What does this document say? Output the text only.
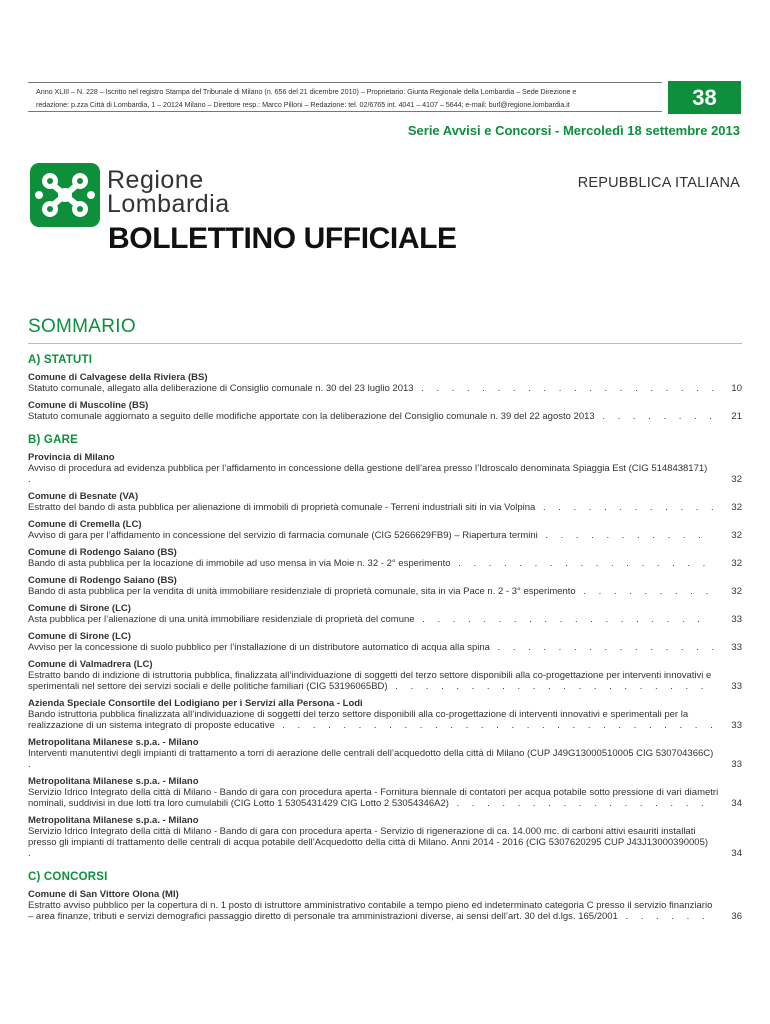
Anno XLIII – N. 228 – Iscritto nel registro Stampa del Tribunale di Milano (n. 656 del 21 dicembre 2010) – Proprietario: Giunta Regionale della Lombardia – Sede Direzione e
redazione: p.zza Città di Lombardia, 1 – 20124 Milano – Direttore resp.: Marco Pilloni – Redazione: tel. 02/6765 int. 4041 – 4107 – 5644; e-mail: burl@regione.lombardia.it	38
Serie Avvisi e Concorsi - Mercoledì 18 settembre 2013
Regione
Lombardia
REPUBBLICA ITALIANA
BOLLETTINO UFFICIALE
SOMMARIO
A) STATUTI
Comune di Calvagese della Riviera (BS)
Statuto comunale, allegato alla deliberazione di Consiglio comunale n. 30 del 23 luglio 2013 . . . . . . . . . . . . . . . . . . . . 10
Comune di Muscoline (BS)
Statuto comunale aggiornato a seguito delle modifiche apportate con la deliberazione del Consiglio comunale n. 39 del 22 agosto 2013 . . . . . . . . 21
B) GARE
Provincia di Milano
Avviso di procedura ad evidenza pubblica per l’affidamento in concessione della gestione dell’area presso l’Idroscalo denominata Spiaggia Est (CIG 5148438171) .	32
Comune di Besnate (VA)
Estratto del bando di asta pubblica per alienazione di immobili di proprietà comunale - Terreni industriali siti in via Volpina . . . . . . . . . . . . 32
Comune di Cremella (LC)
Avviso di gara per l’affidamento in concessione del servizio di farmacia comunale (CIG 5266629FB9) – Riapertura termini . . . . . . . . . . .	32
Comune di Rodengo Saiano (BS)
Bando di asta pubblica per la locazione di immobile ad uso mensa in via Moie n. 32 - 2° esperimento . . . . . . . . . . . . . . . . . 32
Comune di Rodengo Saiano (BS)
Bando di asta pubblica per la vendita di unità immobiliare residenziale di proprietà comunale, sita in via Pace n. 2 - 3° esperimento . . . . . . . . . 32
Comune di Sirone (LC)
Asta pubblica per l’alienazione di una unità immobiliare residenziale di proprietà del comune . . . . . . . . . . . . . . . . . . .	33
Comune di Sirone (LC)
Avviso per la concessione di suolo pubblico per l’installazione di un distributore automatico di acqua alla spina . . . . . . . . . . . . . . . 33
Comune di Valmadrera (LC)
Estratto bando di indizione di istruttoria pubblica, finalizzata all’individuazione di soggetti del terzo settore disponibili alla co-progettazione per interventi innovativi e sperimentali nel settore dei servizi sociali e delle politiche familiari (CIG 53196065BD) . . . . . . . . . . . . . . . . . . . . . 33
Azienda Speciale Consortile del Lodigiano per i Servizi alla Persona - Lodi
Bando istruttoria pubblica finalizzata all’individuazione di soggetti del terzo settore disponibili alla co-progettazione di interventi innovativi e sperimentali per la realizzazione di un sistema integrato di proposte educative . . . . . . . . . . . . . . . . . . . . . . . . . . . . . 33
Metropolitana Milanese s.p.a. - Milano
Interventi manutentivi degli impianti di trattamento a torri di aerazione delle centrali dell’acquedotto della città di Milano (CUP J49G13000510005 CIG 530704366C) .	33
Metropolitana Milanese s.p.a. - Milano
Servizio Idrico Integrato della città di Milano - Bando di gara con procedura aperta - Fornitura biennale di contatori per acqua potabile sotto pressione di vari diametri nominali, suddivisi in due lotti tra loro cumulabili (CIG Lotto 1 5305431429 CIG Lotto 2 53054346A2) . . . . . . . . . . . . . . . . . 34
Metropolitana Milanese s.p.a. - Milano
Servizio Idrico Integrato della città di Milano - Bando di gara con procedura aperta - Servizio di rigenerazione di ca. 14.000 mc. di carboni attivi esauriti installati presso gli impianti di trattamento delle centrali di acqua potabile dell’Acquedotto della città di Milano. Anni 2014 - 2016 (CIG 5307620295 CUP J43J13000390005) .	34
C) CONCORSI
Comune di San Vittore Olona (MI)
Estratto avviso pubblico per la copertura di n. 1 posto di istruttore amministrativo contabile a tempo pieno ed indeterminato categoria C presso il servizio finanziario – area finanze, tributi e servizi demografici passaggio diretto di personale tra amministrazioni diverse, ai sensi dell’art. 30 del d.lgs. 165/2001 . . . . . . 36
